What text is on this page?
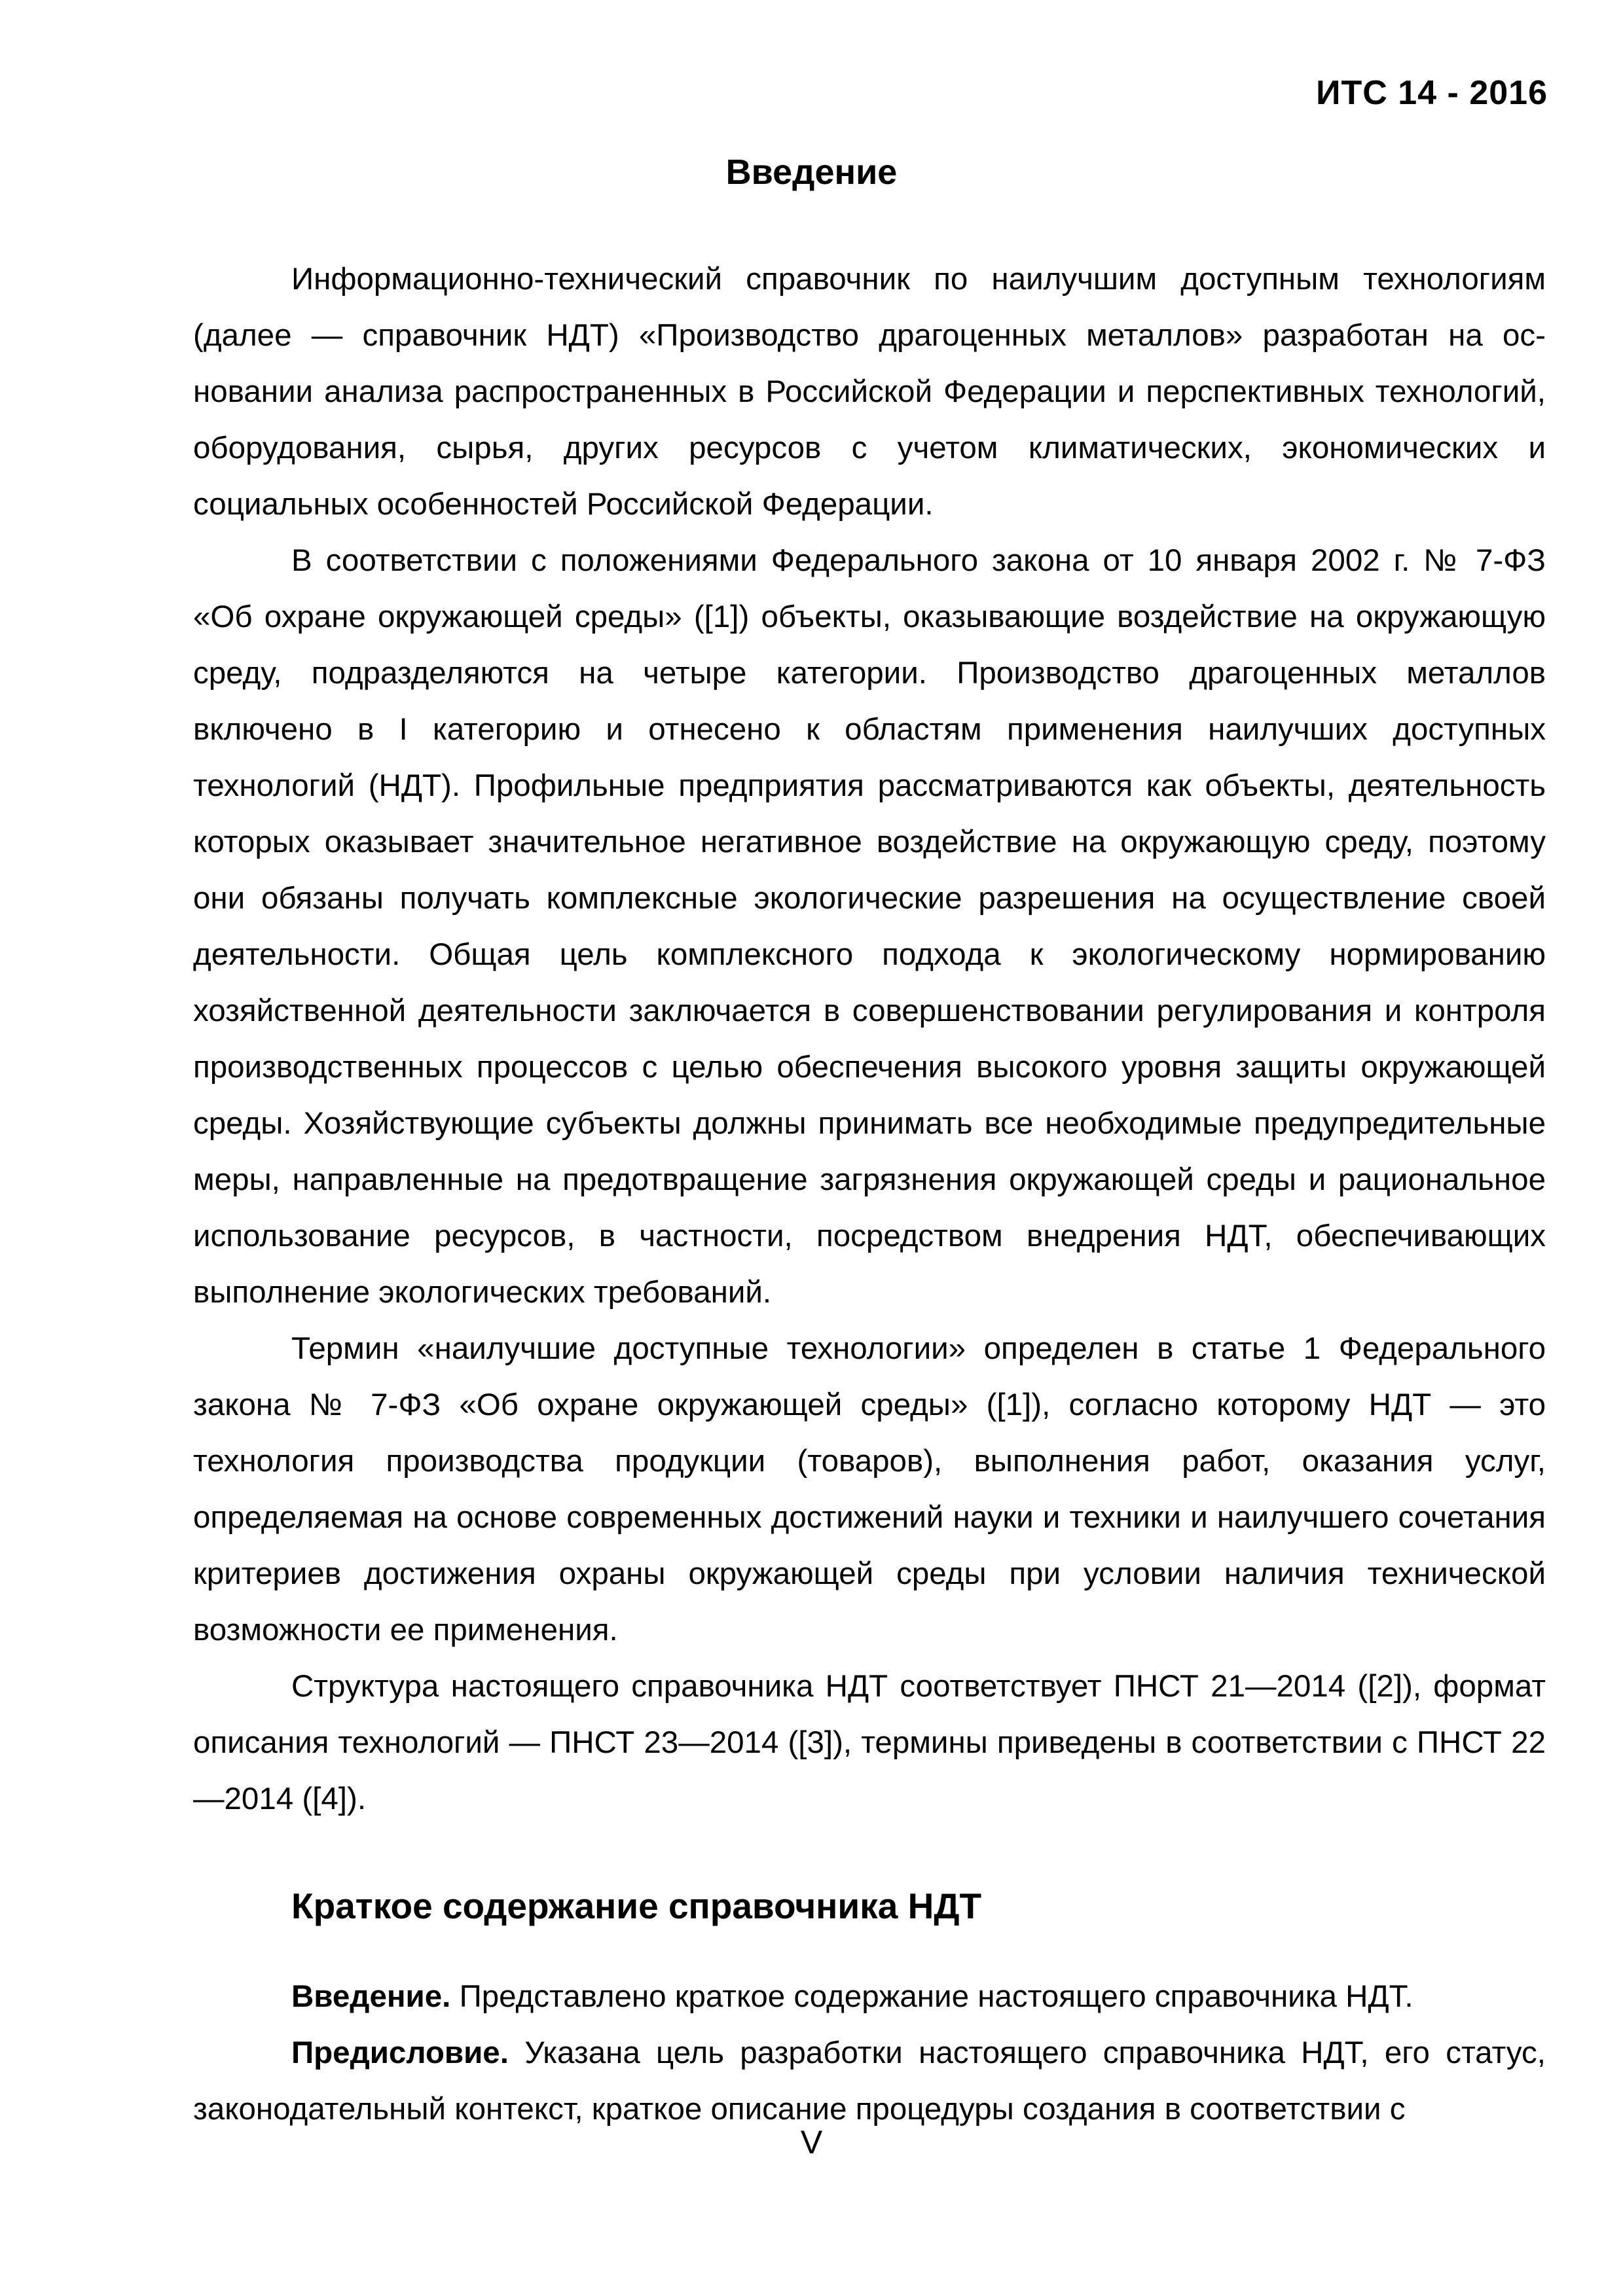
ИТС 14 - 2016
Введение

Информационно-технический справочник по наилучшим доступным технологиям (далее — справочник НДТ) «Производство драгоценных металлов» разработан на основании анализа распространенных в Российской Федерации и перспективных технологий, оборудования, сырья, других ресурсов с учетом климатических, экономических и социальных особенностей Российской Федерации.

В соответствии с положениями Федерального закона от 10 января 2002 г. № 7-ФЗ «Об охране окружающей среды» ([1]) объекты, оказывающие воздействие на окружающую среду, подразделяются на четыре категории. Производство драгоценных металлов включено в I категорию и отнесено к областям применения наилучших доступных технологий (НДТ). Профильные предприятия рассматриваются как объекты, деятельность которых оказывает значительное негативное воздействие на окружающую среду, поэтому они обязаны получать комплексные экологические разрешения на осуществление своей деятельности. Общая цель комплексного подхода к экологическому нормированию хозяйственной деятельности заключается в совершенствовании регулирования и контроля производственных процессов с целью обеспечения высокого уровня защиты окружающей среды. Хозяйствующие субъекты должны принимать все необходимые предупредительные меры, направленные на предотвращение загрязнения окружающей среды и рациональное использование ресурсов, в частности, посредством внедрения НДТ, обеспечивающих выполнение экологических требований.

Термин «наилучшие доступные технологии» определен в статье 1 Федерального закона № 7-ФЗ «Об охране окружающей среды» ([1]), согласно которому НДТ — это технология производства продукции (товаров), выполнения работ, оказания услуг, определяемая на основе современных достижений науки и техники и наилучшего сочетания критериев достижения охраны окружающей среды при условии наличия технической возможности ее применения.

Структура настоящего справочника НДТ соответствует ПНСТ 21—2014 ([2]), формат описания технологий — ПНСТ 23—2014 ([3]), термины приведены в соответствии с ПНСТ 22—2014 ([4]).

Краткое содержание справочника НДТ

Введение. Представлено краткое содержание настоящего справочника НДТ.

Предисловие. Указана цель разработки настоящего справочника НДТ, его статус, законодательный контекст, краткое описание процедуры создания в соответствии с

V
